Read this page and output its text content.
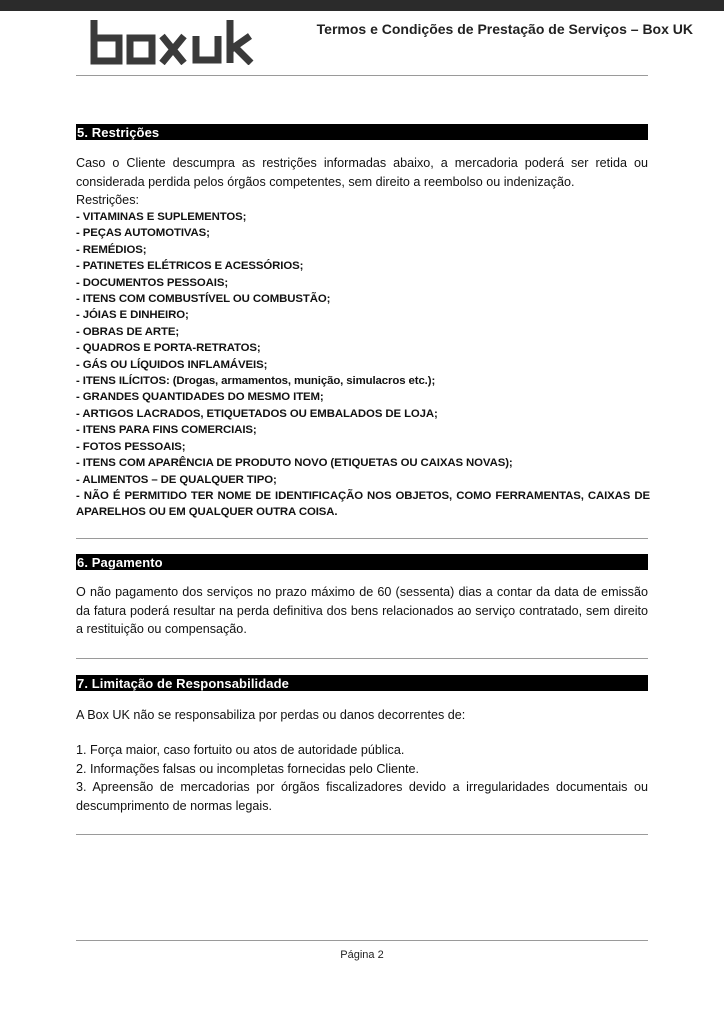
Termos e Condições de Prestação de Serviços – Box UK
5. Restrições
Caso o Cliente descumpra as restrições informadas abaixo, a mercadoria poderá ser retida ou considerada perdida pelos órgãos competentes, sem direito a reembolso ou indenização.
Restrições:
- VITAMINAS E SUPLEMENTOS;
- PEÇAS AUTOMOTIVAS;
- REMÉDIOS;
- PATINETES ELÉTRICOS E ACESSÓRIOS;
- DOCUMENTOS PESSOAIS;
- ITENS COM COMBUSTÍVEL OU COMBUSTÃO;
- JÓIAS E DINHEIRO;
- OBRAS DE ARTE;
- QUADROS E PORTA-RETRATOS;
- GÁS OU LÍQUIDOS INFLAMÁVEIS;
- ITENS ILÍCITOS: (Drogas, armamentos, munição, simulacros etc.);
- GRANDES QUANTIDADES DO MESMO ITEM;
- ARTIGOS LACRADOS, ETIQUETADOS OU EMBALADOS DE LOJA;
- ITENS PARA FINS COMERCIAIS;
- FOTOS PESSOAIS;
- ITENS COM APARÊNCIA DE PRODUTO NOVO (ETIQUETAS OU CAIXAS NOVAS);
- ALIMENTOS – DE QUALQUER TIPO;
- NÃO É PERMITIDO TER NOME DE IDENTIFICAÇÃO NOS OBJETOS, COMO FERRAMENTAS, CAIXAS DE APARELHOS OU EM QUALQUER OUTRA COISA.
6. Pagamento
O não pagamento dos serviços no prazo máximo de 60 (sessenta) dias a contar da data de emissão da fatura poderá resultar na perda definitiva dos bens relacionados ao serviço contratado, sem direito a restituição ou compensação.
7. Limitação de Responsabilidade
A Box UK não se responsabiliza por perdas ou danos decorrentes de:
1. Força maior, caso fortuito ou atos de autoridade pública.
2. Informações falsas ou incompletas fornecidas pelo Cliente.
3. Apreensão de mercadorias por órgãos fiscalizadores devido a irregularidades documentais ou descumprimento de normas legais.
Página 2
